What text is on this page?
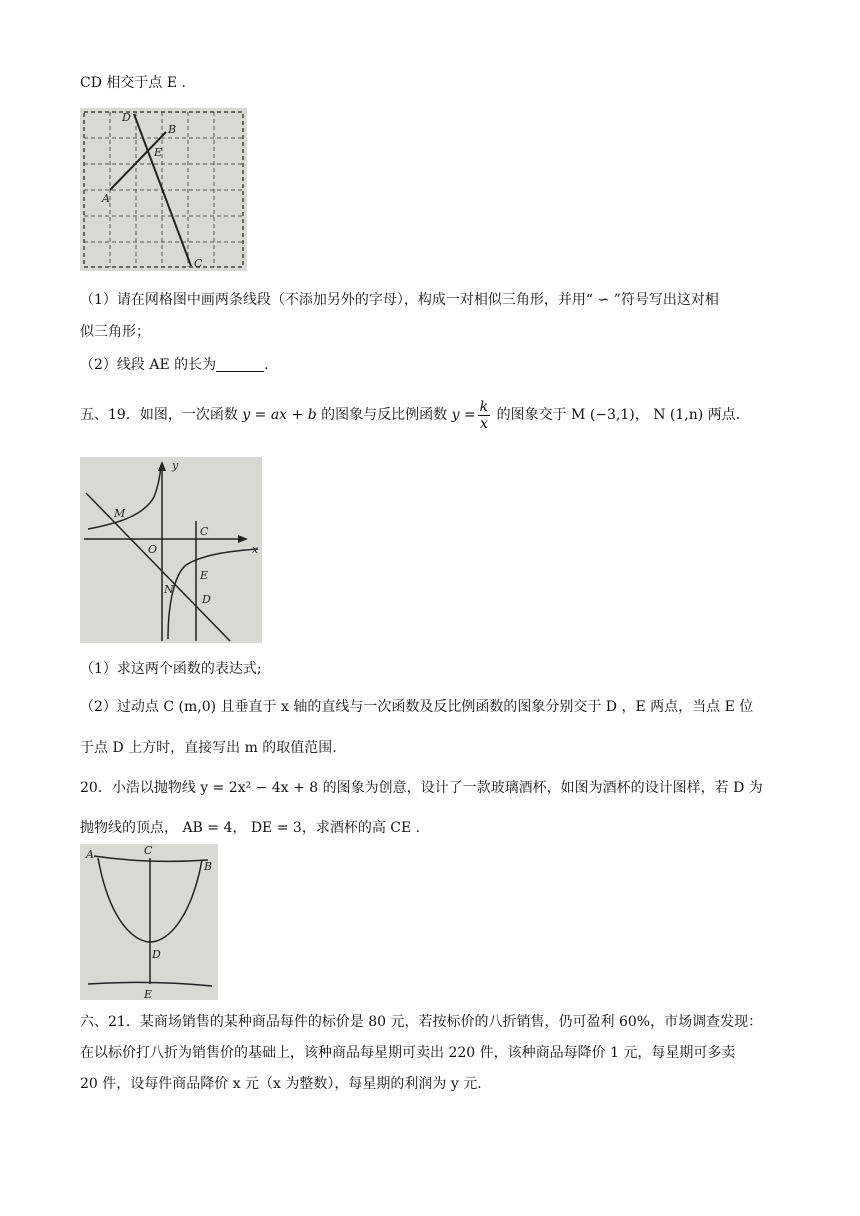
CD 相交于点 E .
D
B
E
A
C
（1）请在网格图中画两条线段（不添加另外的字母），构成一对相似三角形，并用“ ∽ ”符号写出这对相
似三角形；
（2）线段 AE 的长为	.
五、19．如图，一次函数 y = ax + b 的图象与反比例函数 $y = \frac{k}{x}$ 的图象交于 M (−3,1)， N (1,n) 两点.
y
x
M
O
C
E
N
D
（1）求这两个函数的表达式;
（2）过动点 C (m,0) 且垂直于 x 轴的直线与一次函数及反比例函数的图象分别交于 D ，E 两点，当点 E 位
于点 D 上方时，直接写出 m 的取值范围.
20．小浩以抛物线 y = 2x² − 4x + 8 的图象为创意，设计了一款玻璃酒杯，如图为酒杯的设计图样，若 D 为
抛物线的顶点， AB = 4， DE = 3，求酒杯的高 CE .
A	C
B
D
E
六、21．某商场销售的某种商品每件的标价是 80 元，若按标价的八折销售，仍可盈利 60%，市场调查发现：
在以标价打八折为销售价的基础上，该种商品每星期可卖出 220 件，该种商品每降价 1 元，每星期可多卖
20 件，设每件商品降价 x 元（x 为整数），每星期的利润为 y 元.
